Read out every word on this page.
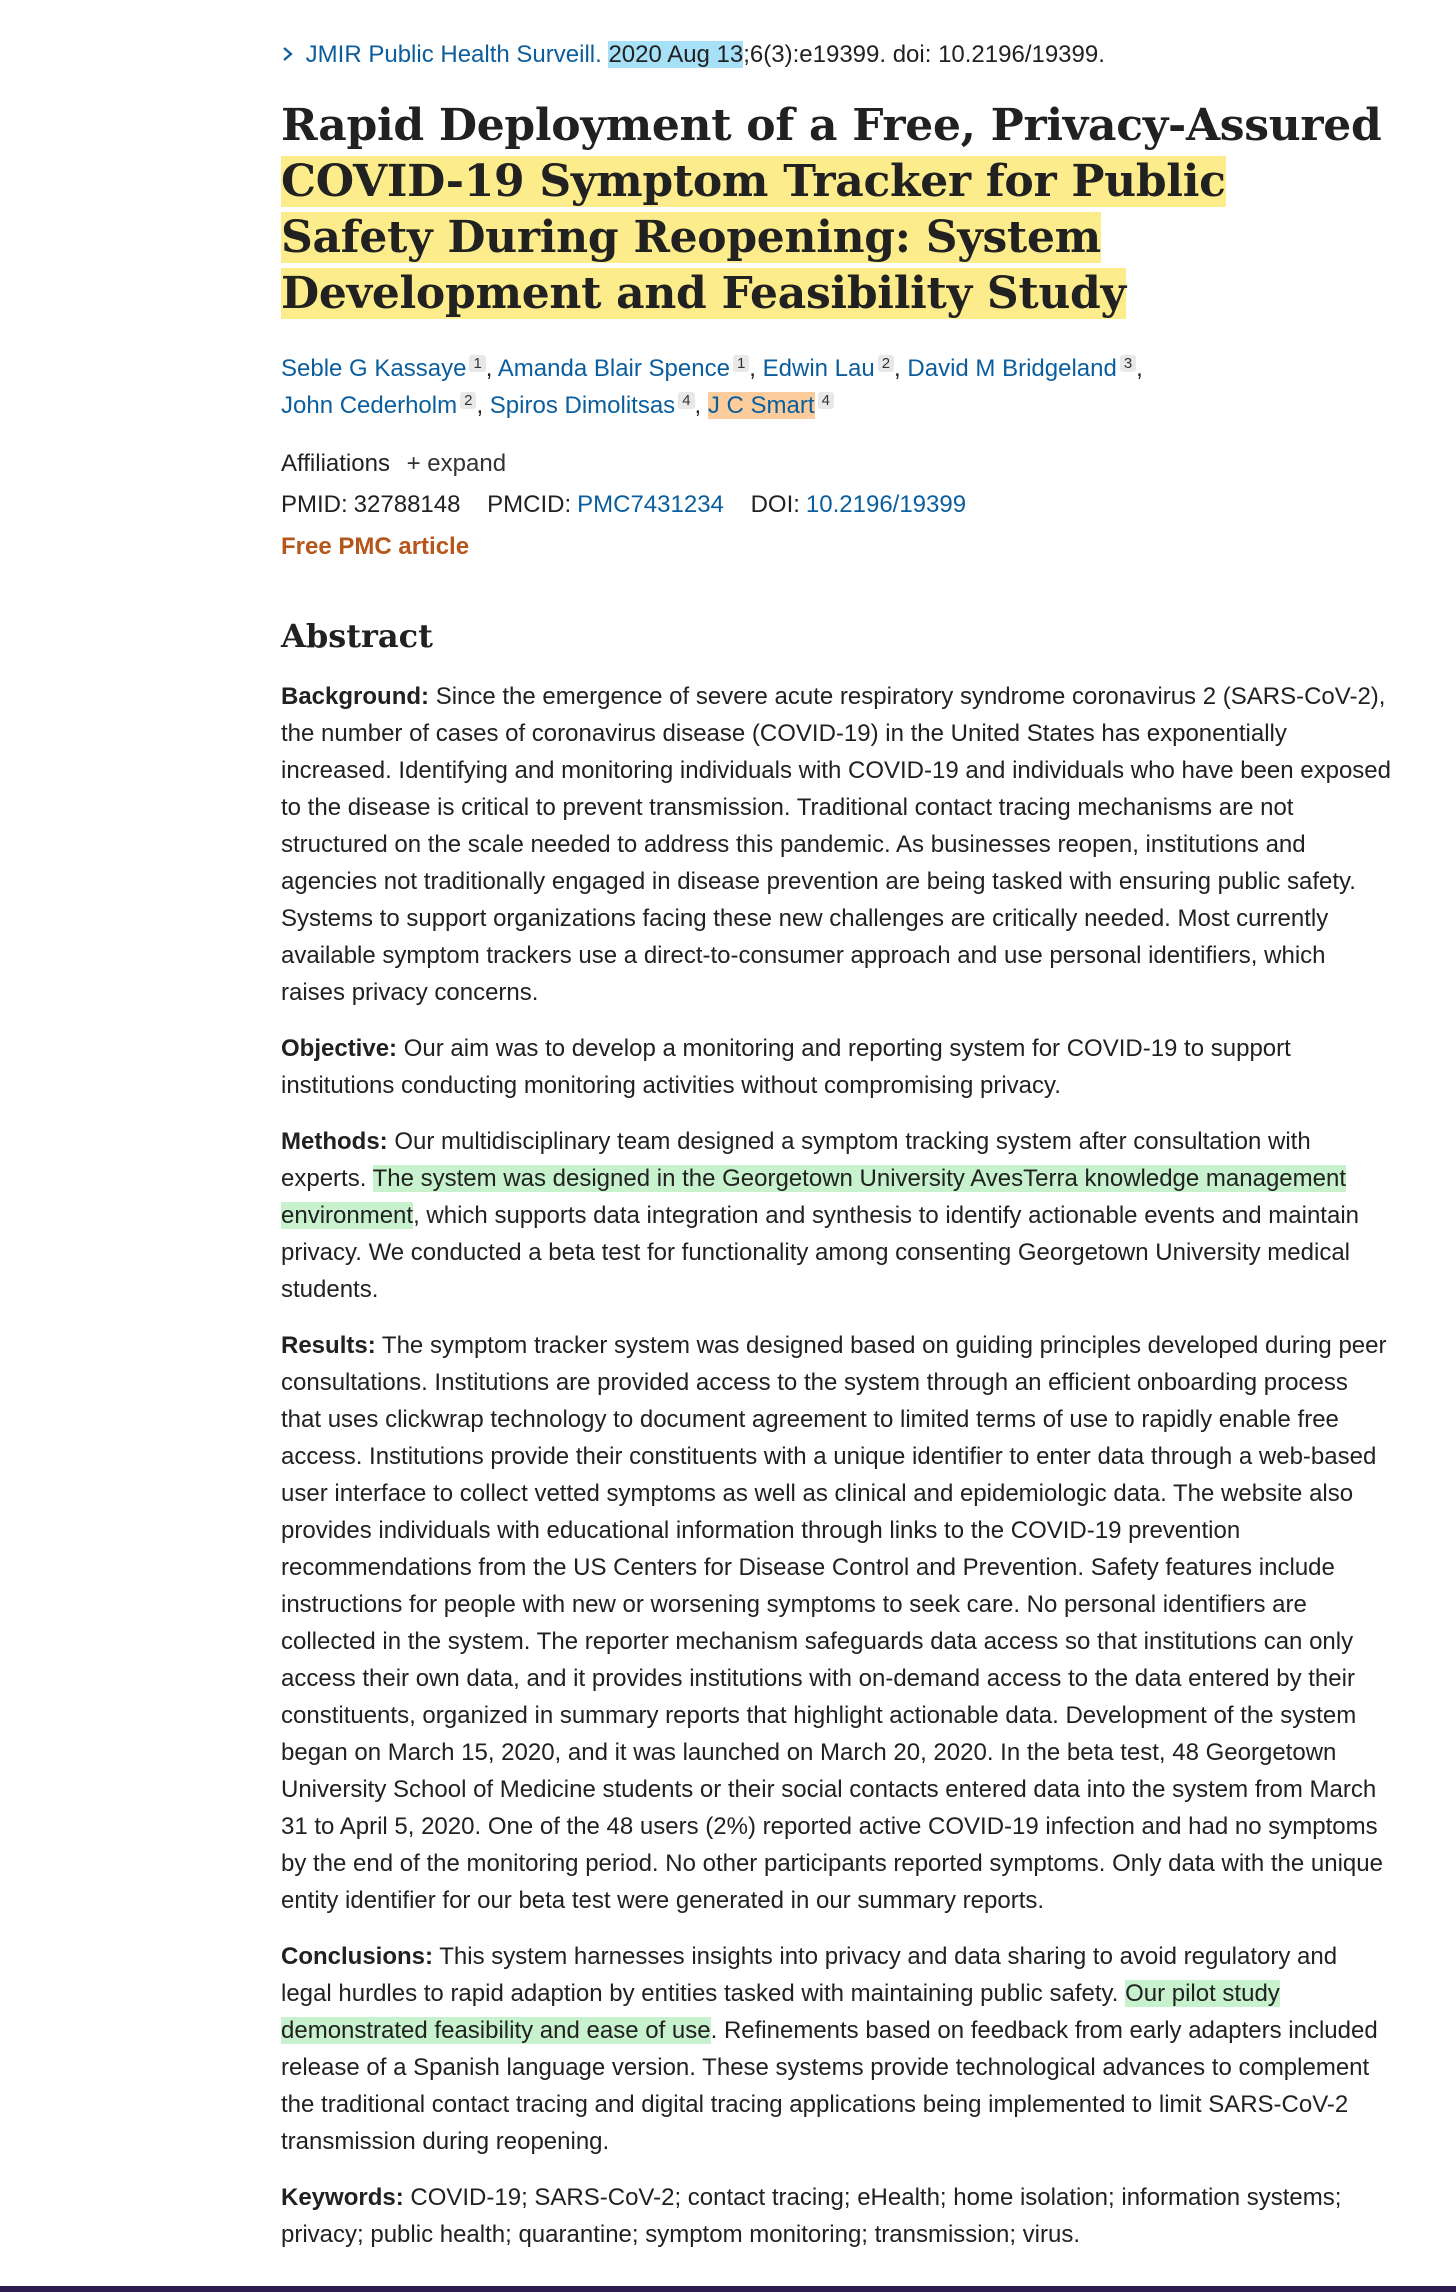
JMIR Public Health Surveill. 2020 Aug 13;6(3):e19399. doi: 10.2196/19399.
Rapid Deployment of a Free, Privacy-Assured COVID-19 Symptom Tracker for Public Safety During Reopening: System Development and Feasibility Study
Seble G Kassaye $^1$ , Amanda Blair Spence $^1$ , Edwin Lau $^2$ , David M Bridgeland $^3$ ,
John Cederholm $^2$ , Spiros Dimolitsas $^4$ , J C Smart $^4$
Affiliations + expand
PMID: 32788148 PMCID: PMC7431234 DOI: 10.2196/19399
Free PMC article
Abstract

Background: Since the emergence of severe acute respiratory syndrome coronavirus 2 (SARS-CoV-2), the number of cases of coronavirus disease (COVID-19) in the United States has exponentially increased. Identifying and monitoring individuals with COVID-19 and individuals who have been exposed to the disease is critical to prevent transmission. Traditional contact tracing mechanisms are not structured on the scale needed to address this pandemic. As businesses reopen, institutions and agencies not traditionally engaged in disease prevention are being tasked with ensuring public safety. Systems to support organizations facing these new challenges are critically needed. Most currently available symptom trackers use a direct-to-consumer approach and use personal identifiers, which raises privacy concerns.

Objective: Our aim was to develop a monitoring and reporting system for COVID-19 to support institutions conducting monitoring activities without compromising privacy.

Methods: Our multidisciplinary team designed a symptom tracking system after consultation with experts. The system was designed in the Georgetown University AvesTerra knowledge management environment, which supports data integration and synthesis to identify actionable events and maintain privacy. We conducted a beta test for functionality among consenting Georgetown University medical students.

Results: The symptom tracker system was designed based on guiding principles developed during peer consultations. Institutions are provided access to the system through an efficient onboarding process that uses clickwrap technology to document agreement to limited terms of use to rapidly enable free access. Institutions provide their constituents with a unique identifier to enter data through a web-based user interface to collect vetted symptoms as well as clinical and epidemiologic data. The website also provides individuals with educational information through links to the COVID-19 prevention recommendations from the US Centers for Disease Control and Prevention. Safety features include instructions for people with new or worsening symptoms to seek care. No personal identifiers are collected in the system. The reporter mechanism safeguards data access so that institutions can only access their own data, and it provides institutions with on-demand access to the data entered by their constituents, organized in summary reports that highlight actionable data. Development of the system began on March 15, 2020, and it was launched on March 20, 2020. In the beta test, 48 Georgetown University School of Medicine students or their social contacts entered data into the system from March 31 to April 5, 2020. One of the 48 users (2%) reported active COVID-19 infection and had no symptoms by the end of the monitoring period. No other participants reported symptoms. Only data with the unique entity identifier for our beta test were generated in our summary reports.

Conclusions: This system harnesses insights into privacy and data sharing to avoid regulatory and legal hurdles to rapid adaption by entities tasked with maintaining public safety. Our pilot study demonstrated feasibility and ease of use. Refinements based on feedback from early adapters included release of a Spanish language version. These systems provide technological advances to complement the traditional contact tracing and digital tracing applications being implemented to limit SARS-CoV-2 transmission during reopening.

Keywords: COVID-19; SARS-CoV-2; contact tracing; eHealth; home isolation; information systems; privacy; public health; quarantine; symptom monitoring; transmission; virus.
